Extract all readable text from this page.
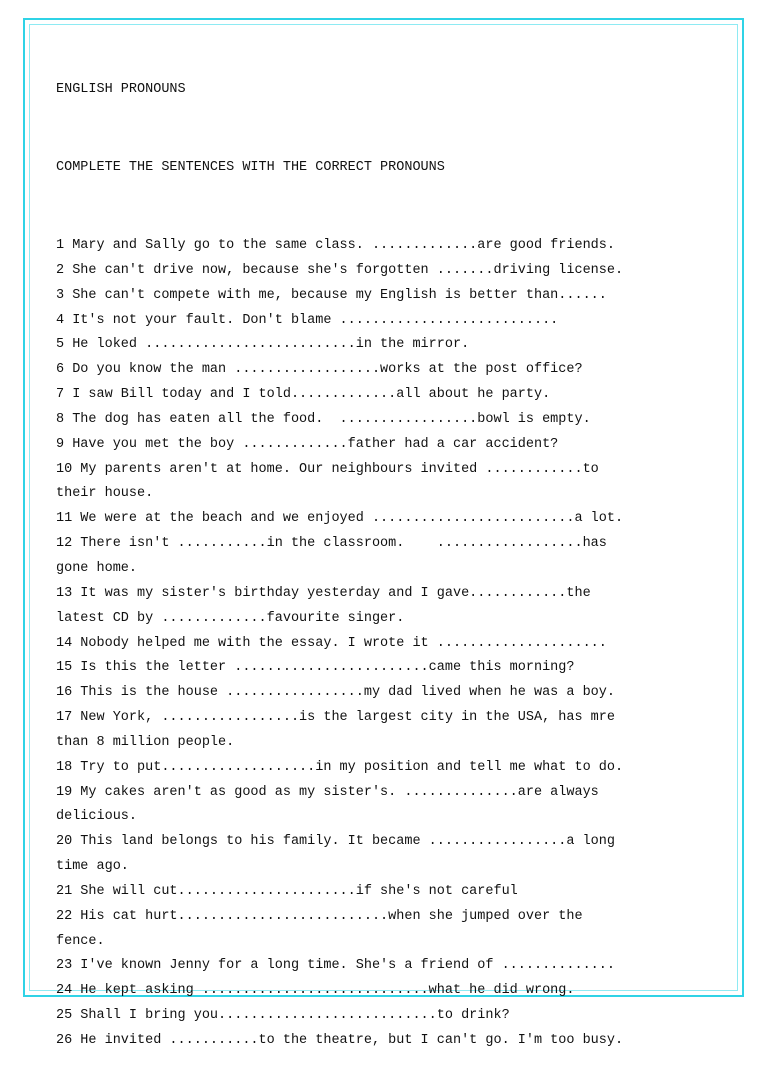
ENGLISH PRONOUNS

COMPLETE THE SENTENCES WITH THE CORRECT PRONOUNS

1 Mary and Sally go to the same class. .............are good friends.
2 She can't drive now, because she's forgotten .......driving license.
3 She can't compete with me, because my English is better than......
4 It's not your fault. Don't blame ...........................
5 He loked ..........................in the mirror.
6 Do you know the man ..................works at the post office?
7 I saw Bill today and I told.............all about he party.
8 The dog has eaten all the food.  .................bowl is empty.
9 Have you met the boy .............father had a car accident?
10 My parents aren't at home. Our neighbours invited ............to
their house.
11 We were at the beach and we enjoyed .........................a lot.
12 There isn't ...........in the classroom.    ..................has
gone home.
13 It was my sister's birthday yesterday and I gave............the
latest CD by .............favourite singer.
14 Nobody helped me with the essay. I wrote it .....................
15 Is this the letter ........................came this morning?
16 This is the house .................my dad lived when he was a boy.
17 New York, .................is the largest city in the USA, has mre
than 8 million people.
18 Try to put...................in my position and tell me what to do.
19 My cakes aren't as good as my sister's. ..............are always
delicious.
20 This land belongs to his family. It became .................a long
time ago.
21 She will cut......................if she's not careful
22 His cat hurt..........................when she jumped over the
fence.
23 I've known Jenny for a long time. She's a friend of ..............
24 He kept asking ............................what he did wrong.
25 Shall I bring you...........................to drink?
26 He invited ...........to the theatre, but I can't go. I'm too busy.
